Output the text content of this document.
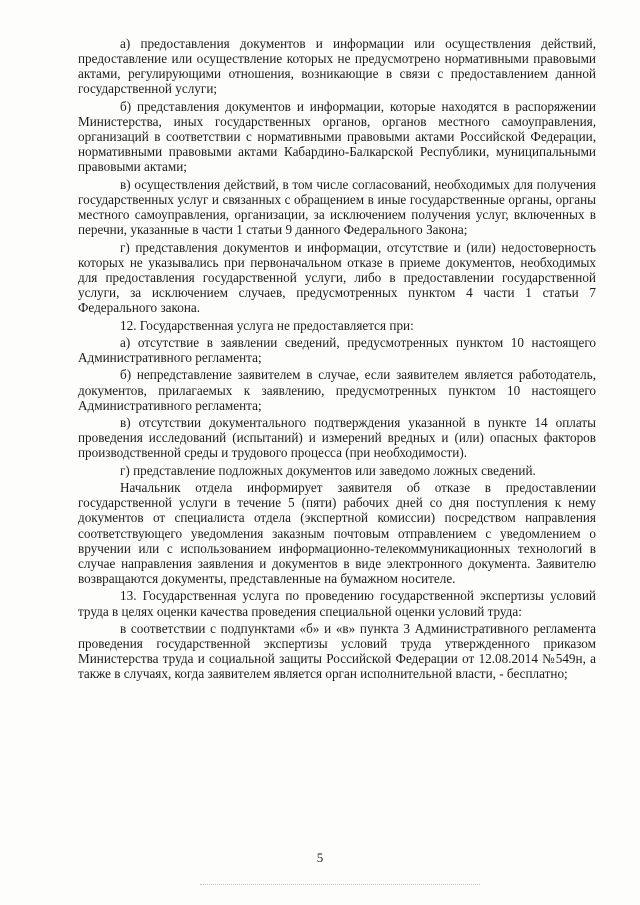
а) предоставления документов и информации или осуществления действий, предоставление или осуществление которых не предусмотрено нормативными правовыми актами, регулирующими отношения, возникающие в связи с предоставлением данной государственной услуги;

б) представления документов и информации, которые находятся в распоряжении Министерства, иных государственных органов, органов местного самоуправления, организаций в соответствии с нормативными правовыми актами Российской Федерации, нормативными правовыми актами Кабардино-Балкарской Республики, муниципальными правовыми актами;

в) осуществления действий, в том числе согласований, необходимых для получения государственных услуг и связанных с обращением в иные государственные органы, органы местного самоуправления, организации, за исключением получения услуг, включенных в перечни, указанные в части 1 статьи 9 данного Федерального Закона;

г) представления документов и информации, отсутствие и (или) недостоверность которых не указывались при первоначальном отказе в приеме документов, необходимых для предоставления государственной услуги, либо в предоставлении государственной услуги, за исключением случаев, предусмотренных пунктом 4 части 1 статьи 7 Федерального закона.

12. Государственная услуга не предоставляется при:

а) отсутствие в заявлении сведений, предусмотренных пунктом 10 настоящего Административного регламента;

б) непредставление заявителем в случае, если заявителем является работодатель, документов, прилагаемых к заявлению, предусмотренных пунктом 10 настоящего Административного регламента;

в) отсутствии документального подтверждения указанной в пункте 14 оплаты проведения исследований (испытаний) и измерений вредных и (или) опасных факторов производственной среды и трудового процесса (при необходимости).

г) представление подложных документов или заведомо ложных сведений.

Начальник отдела информирует заявителя об отказе в предоставлении государственной услуги в течение 5 (пяти) рабочих дней со дня поступления к нему документов от специалиста отдела (экспертной комиссии) посредством направления соответствующего уведомления заказным почтовым отправлением с уведомлением о вручении или с использованием информационно-телекоммуникационных технологий в случае направления заявления и документов в виде электронного документа. Заявителю возвращаются документы, представленные на бумажном носителе.

13. Государственная услуга по проведению государственной экспертизы условий труда в целях оценки качества проведения специальной оценки условий труда:

в соответствии с подпунктами «б» и «в» пункта 3 Административного регламента проведения государственной экспертизы условий труда утвержденного приказом Министерства труда и социальной защиты Российской Федерации от 12.08.2014 №549н, а также в случаях, когда заявителем является орган исполнительной власти, - бесплатно;

5
